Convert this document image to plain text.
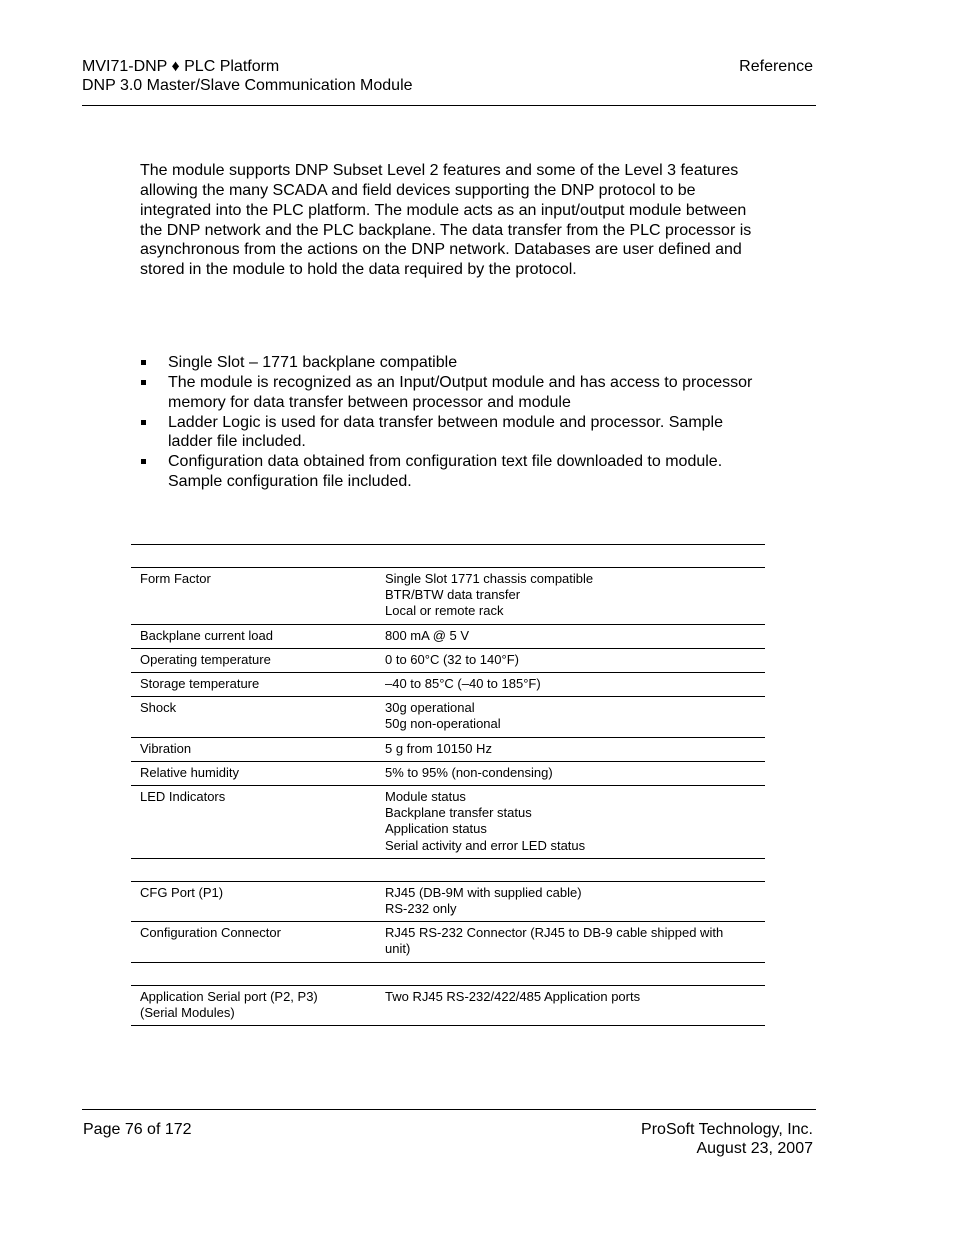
MVI71-DNP ♦ PLC Platform
DNP 3.0 Master/Slave Communication Module
Reference

The module supports DNP Subset Level 2 features and some of the Level 3 features allowing the many SCADA and field devices supporting the DNP protocol to be integrated into the PLC platform. The module acts as an input/output module between the DNP network and the PLC backplane. The data transfer from the PLC processor is asynchronous from the actions on the DNP network. Databases are user defined and stored in the module to hold the data required by the protocol.

Single Slot – 1771 backplane compatible
The module is recognized as an Input/Output module and has access to processor memory for data transfer between processor and module
Ladder Logic is used for data transfer between module and processor. Sample ladder file included.
Configuration data obtained from configuration text file downloaded to module. Sample configuration file included.

Form Factor	Single Slot 1771 chassis compatible
BTR/BTW data transfer
Local or remote rack

Backplane current load	800 mA @ 5 V

Operating temperature	0 to 60°C (32 to 140°F)

Storage temperature	–40 to 85°C (–40 to 185°F)

Shock	30g operational
50g non-operational

Vibration	5 g from 10150 Hz

Relative humidity	5% to 95% (non-condensing)

LED Indicators	Module status
Backplane transfer status
Application status
Serial activity and error LED status

CFG Port (P1)	RJ45 (DB-9M with supplied cable)
RS-232 only

Configuration Connector	RJ45 RS-232 Connector (RJ45 to DB-9 cable shipped with
unit)

Application Serial port (P2, P3)
(Serial Modules)	Two RJ45 RS-232/422/485 Application ports
Page 76 of 172	ProSoft Technology, Inc.
August 23, 2007
